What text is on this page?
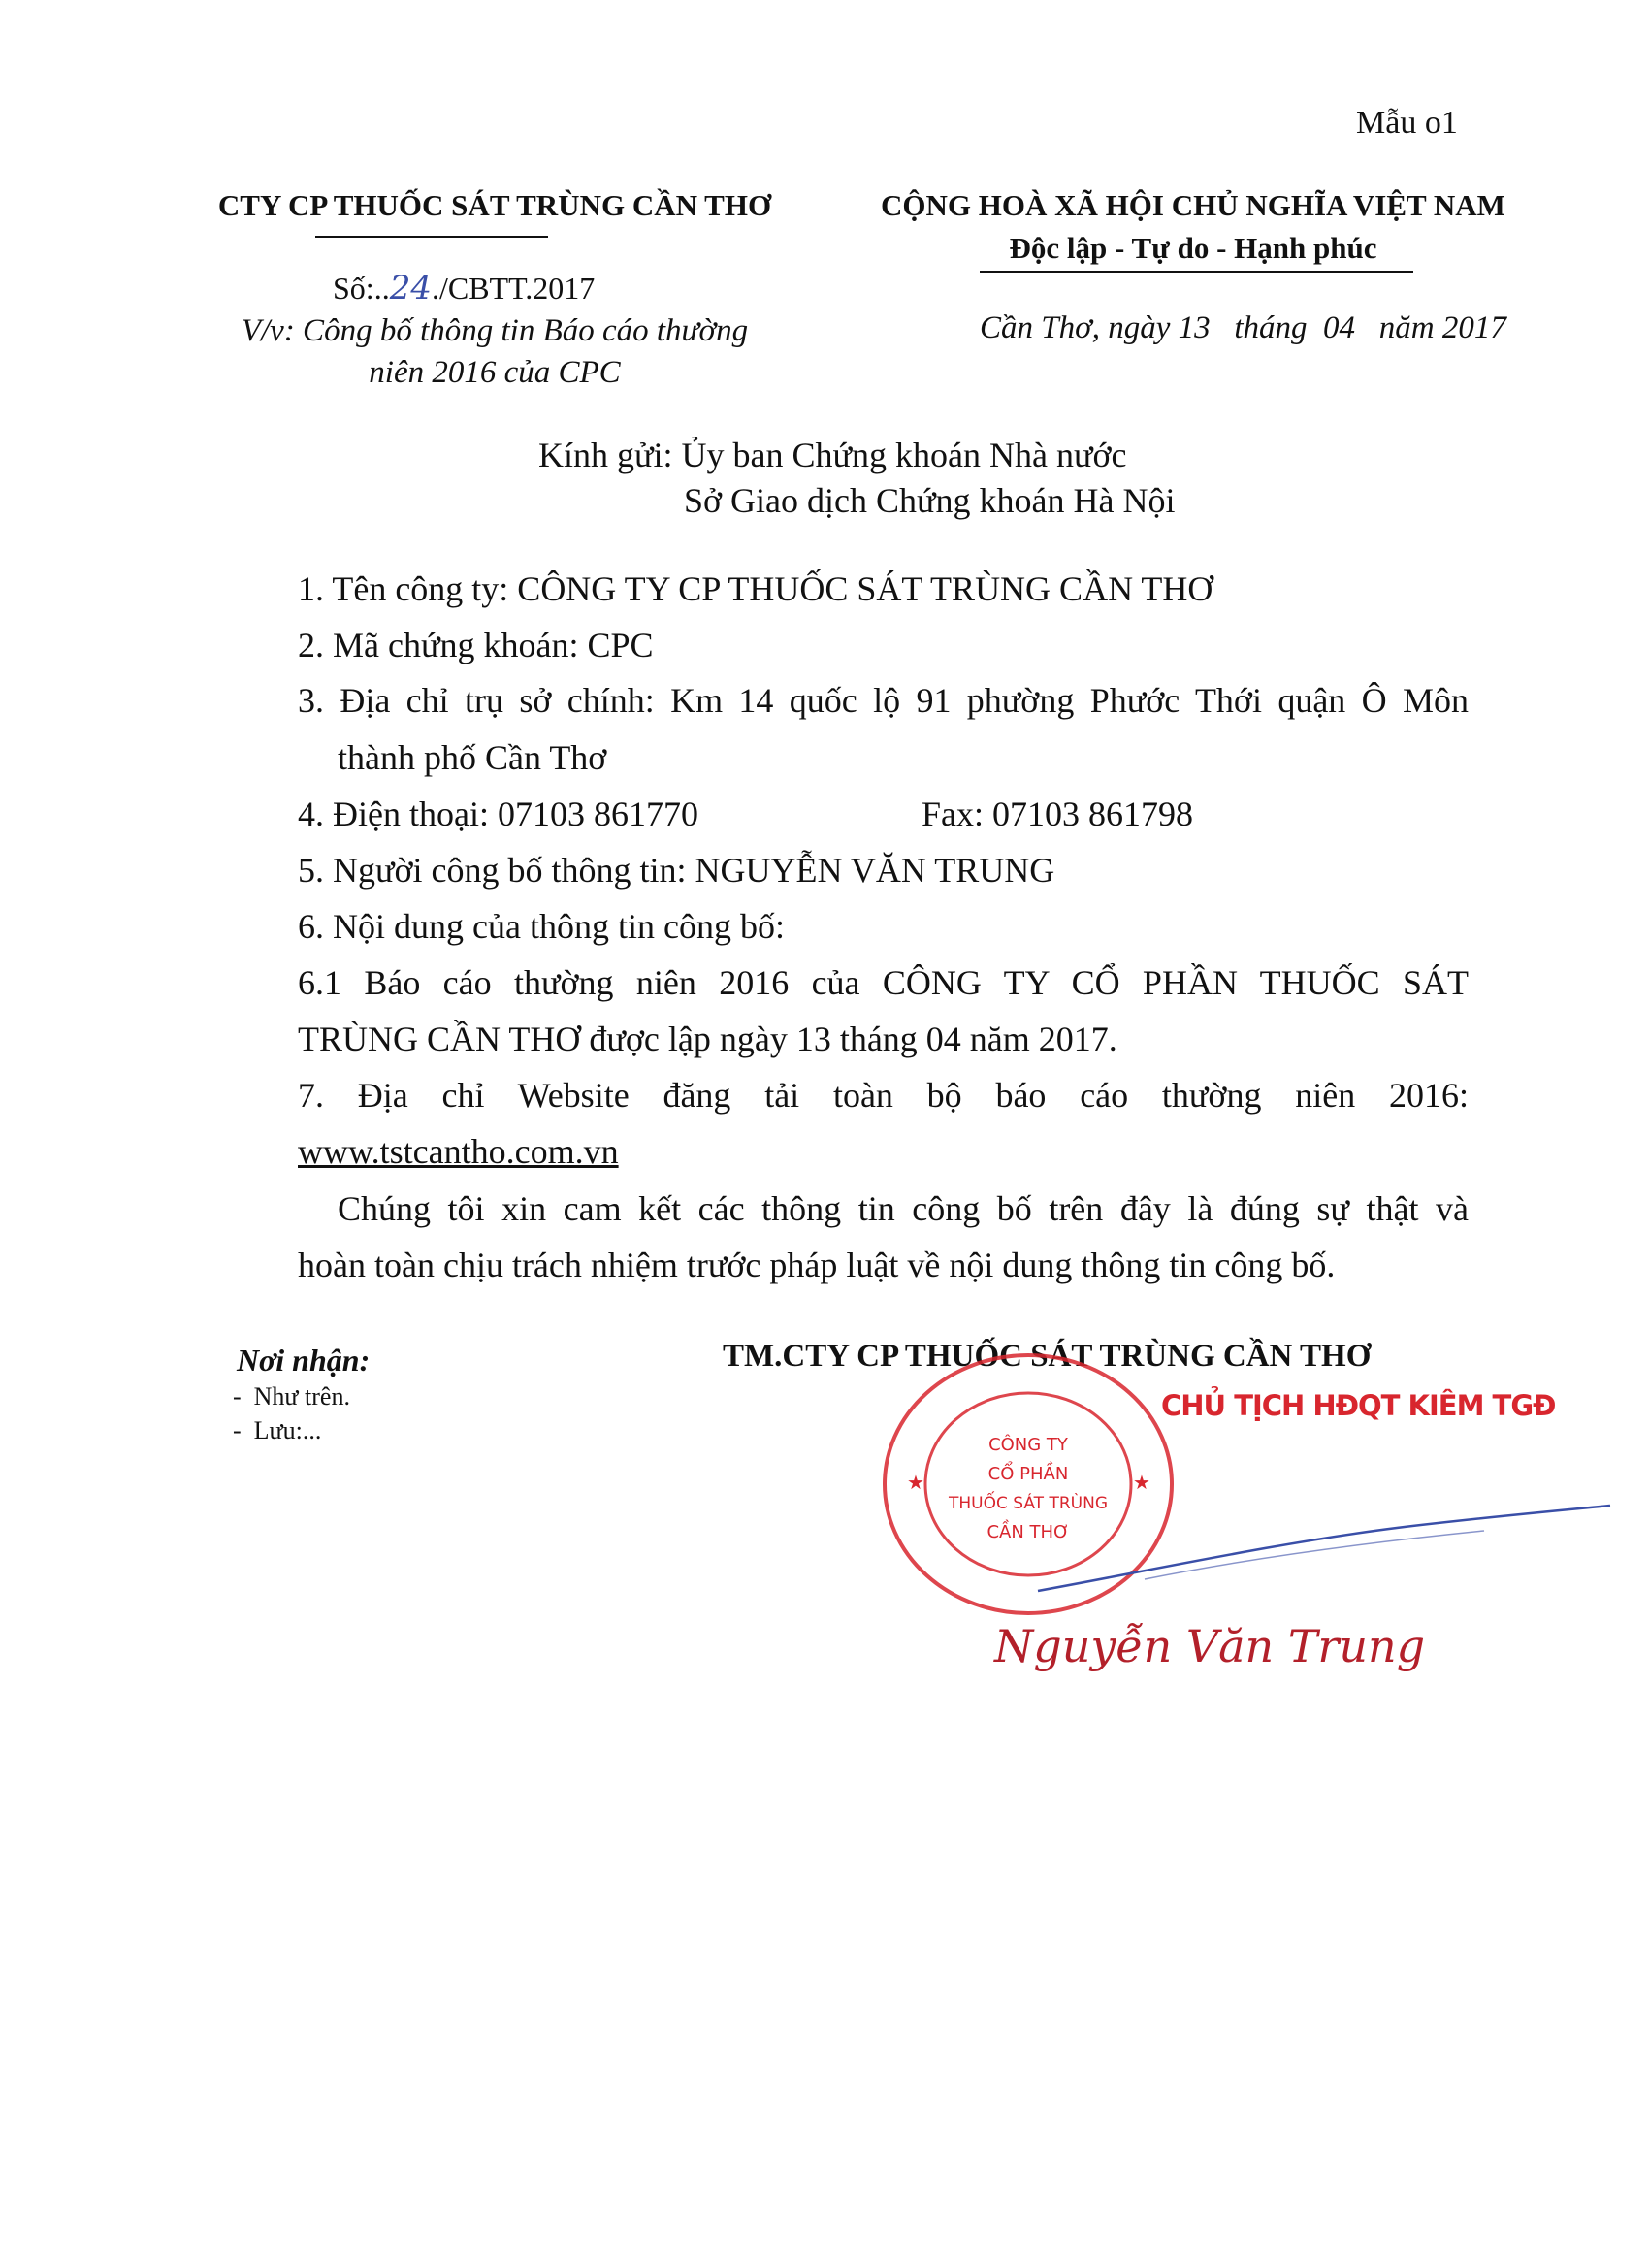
Mẫu o1
CTY CP THUỐC SÁT TRÙNG CẦN THƠ
Số:..24./CBTT.2017
V/v: Công bố thông tin Báo cáo thường
niên 2016 của CPC
CỘNG HOÀ XÃ HỘI CHỦ NGHĨA VIỆT NAM
Độc lập - Tự do - Hạnh phúc
Cần Thơ, ngày 13   tháng  04   năm 2017
Kính gửi: Ủy ban Chứng khoán Nhà nước
Sở Giao dịch Chứng khoán Hà Nội
1. Tên công ty: CÔNG TY CP THUỐC SÁT TRÙNG CẦN THƠ
2. Mã chứng khoán: CPC
3. Địa chỉ trụ sở chính: Km 14 quốc lộ 91 phường Phước Thới quận Ô Môn
thành phố Cần Thơ
4. Điện thoại: 07103 861770	Fax: 07103 861798
5. Người công bố thông tin: NGUYỄN VĂN TRUNG
6. Nội dung của thông tin công bố:
6.1 Báo cáo thường niên 2016 của CÔNG TY CỔ PHẦN THUỐC SÁT
TRÙNG CẦN THƠ được lập ngày 13 tháng 04 năm 2017.
7. Địa chỉ Website đăng tải toàn bộ báo cáo thường niên 2016:
www.tstcantho.com.vn
Chúng tôi xin cam kết các thông tin công bố trên đây là đúng sự thật và
hoàn toàn chịu trách nhiệm trước pháp luật về nội dung thông tin công bố.
Nơi nhận:
-  Như trên.
-  Lưu:...
TM.CTY CP THUỐC SÁT TRÙNG CẦN THƠ
CHỦ TỊCH HĐQT KIÊM TGĐ
CÔNG TY
CỔ PHẦN
THUỐC SÁT TRÙNG
CẦN THƠ
★	★
Nguyễn Văn Trung
